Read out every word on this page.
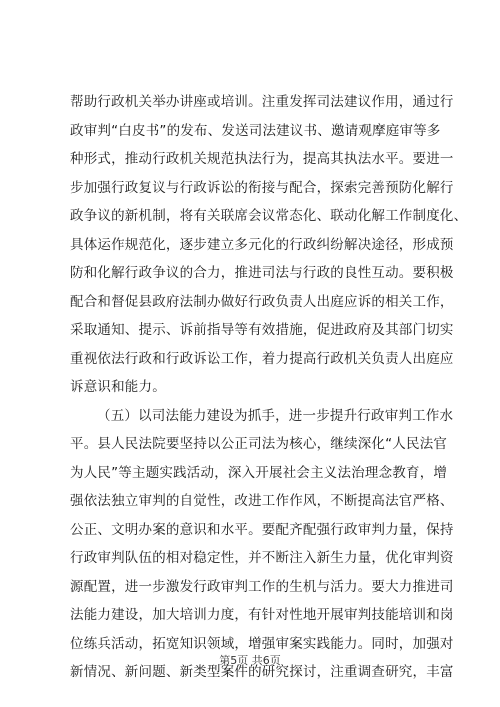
帮助行政机关举办讲座或培训。注重发挥司法建议作用，通过行
政审判“白皮书”的发布、发送司法建议书、邀请观摩庭审等多
种形式，推动行政机关规范执法行为，提高其执法水平。要进一
步加强行政复议与行政诉讼的衔接与配合，探索完善预防化解行
政争议的新机制，将有关联席会议常态化、联动化解工作制度化、
具体运作规范化，逐步建立多元化的行政纠纷解决途径，形成预
防和化解行政争议的合力，推进司法与行政的良性互动。要积极
配合和督促县政府法制办做好行政负责人出庭应诉的相关工作，
采取通知、提示、诉前指导等有效措施，促进政府及其部门切实
重视依法行政和行政诉讼工作，着力提高行政机关负责人出庭应
诉意识和能力。
（五）以司法能力建设为抓手，进一步提升行政审判工作水
平。县人民法院要坚持以公正司法为核心，继续深化“人民法官
为人民”等主题实践活动，深入开展社会主义法治理念教育，增
强依法独立审判的自觉性，改进工作作风，不断提高法官严格、
公正、文明办案的意识和水平。要配齐配强行政审判力量，保持
行政审判队伍的相对稳定性，并不断注入新生力量，优化审判资
源配置，进一步激发行政审判工作的生机与活力。要大力推进司
法能力建设，加大培训力度，有针对性地开展审判技能培训和岗
位练兵活动，拓宽知识领域，增强审案实践能力。同时，加强对
新情况、新问题、新类型案件的研究探讨，注重调查研究，丰富
第5页 共6页
